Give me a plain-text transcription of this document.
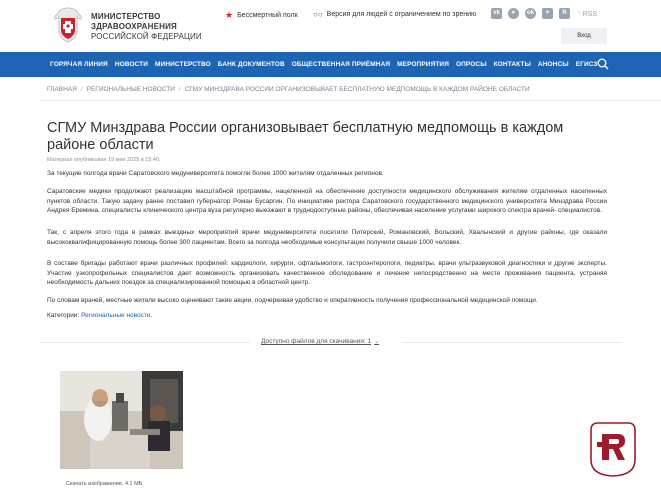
МИНИСТЕРСТВО
ЗДРАВООХРАНЕНИЯ
РОССИЙСКОЙ ФЕДЕРАЦИИ
★ Бессмертный полк ○○ Версия для людей с ограничением по зрению	vk	➤	ok	✦	R	◝ RSS
Вход
ГОРЯЧАЯ ЛИНИЯ НОВОСТИ МИНИСТЕРСТВО БАНК ДОКУМЕНТОВ ОБЩЕСТВЕННАЯ ПРИЁМНАЯ МЕРОПРИЯТИЯ ОПРОСЫ КОНТАКТЫ АНОНСЫ ЕГИСЗ
ГЛАВНАЯ / РЕГИОНАЛЬНЫЕ НОВОСТИ / СГМУ МИНЗДРАВА РОССИИ ОРГАНИЗОВЫВАЕТ БЕСПЛАТНУЮ МЕДПОМОЩЬ В КАЖДОМ РАЙОНЕ ОБЛАСТИ
СГМУ Минздрава России организовывает бесплатную медпомощь в каждом районе области
Материал опубликован 19 мая 2025 в 15:40.

За текущие полгода врачи Саратовского медуниверситета помогли более 1000 жителям отдаленных регионов.

Саратовские медики продолжают реализацию масштабной программы, нацеленной на обеспечение доступности медицинского обслуживания жителям отдаленных населенных пунктов области. Такую задачу ранее поставил губернатор Роман Бусаргин. По инициативе ректора Саратовского государственного медицинского университета Минздрава России Андрея Еремина, специалисты клинического центра вуза регулярно выезжают в труднодоступные районы, обеспечивая население услугами широкого спектра врачей- специалистов.

Так, с апреля этого года в рамках выездных мероприятий врачи медуниверситета посетили Питерский, Романовский, Вольский, Хвалынский и другие районы, где оказали высококвалифицированную помощь более 300 пациентам. Всего за полгода необходимые консультации получили свыше 1000 человек.

В составе бригады работают врачи различных профилей: кардиологи, хирурги, офтальмологи, гастроэнтерологи, педиатры, врачи ультразвуковой диагностики и другие эксперты. Участие узкопрофильных специалистов дает возможность организовать качественное обследование и лечение непосредственно на месте проживания пациента, устраняя необходимость дальних поездок за специализированной помощью в областной центр.

По словам врачей, местные жители высоко оценивают такие акции, подчеркивая удобство и оперативность получения профессиональной медицинской помощи.

Категории: Региональные новости.
Доступно файлов для скачивания: 1 ⌄
Скачать изображение, 4.1 МБ
